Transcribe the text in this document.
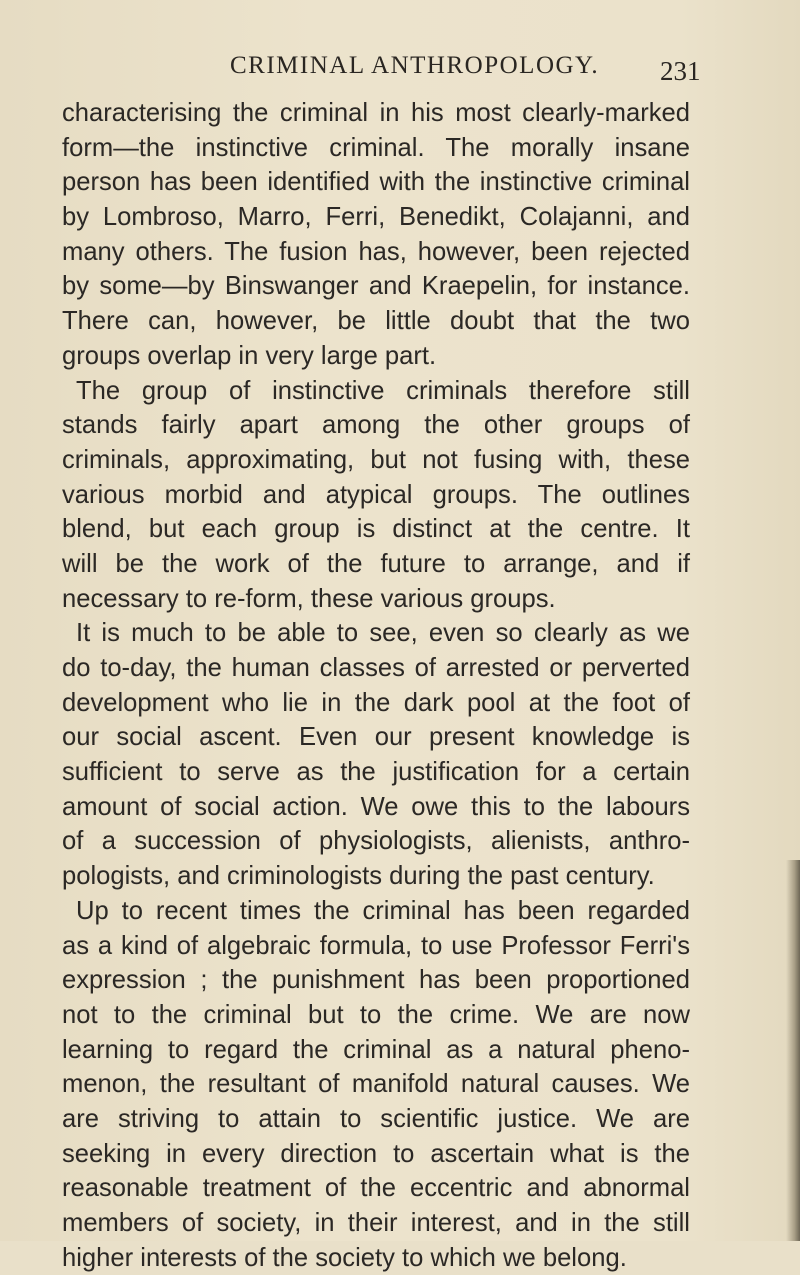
CRIMINAL ANTHROPOLOGY. 231
characterising the criminal in his most clearly-marked
form—the instinctive criminal. The morally insane
person has been identified with the instinctive criminal
by Lombroso, Marro, Ferri, Benedikt, Colajanni, and
many others. The fusion has, however, been rejected
by some—by Binswanger and Kraepelin, for instance.
There can, however, be little doubt that the two
groups overlap in very large part.
The group of instinctive criminals therefore still
stands fairly apart among the other groups of
criminals, approximating, but not fusing with, these
various morbid and atypical groups. The outlines
blend, but each group is distinct at the centre. It
will be the work of the future to arrange, and if
necessary to re-form, these various groups.
It is much to be able to see, even so clearly as we
do to-day, the human classes of arrested or perverted
development who lie in the dark pool at the foot of
our social ascent. Even our present knowledge is
sufficient to serve as the justification for a certain
amount of social action. We owe this to the labours
of a succession of physiologists, alienists, anthro-
pologists, and criminologists during the past century.
Up to recent times the criminal has been regarded
as a kind of algebraic formula, to use Professor Ferri's
expression ; the punishment has been proportioned
not to the criminal but to the crime. We are now
learning to regard the criminal as a natural pheno-
menon, the resultant of manifold natural causes. We
are striving to attain to scientific justice. We are
seeking in every direction to ascertain what is the
reasonable treatment of the eccentric and abnormal
members of society, in their interest, and in the still
higher interests of the society to which we belong.
